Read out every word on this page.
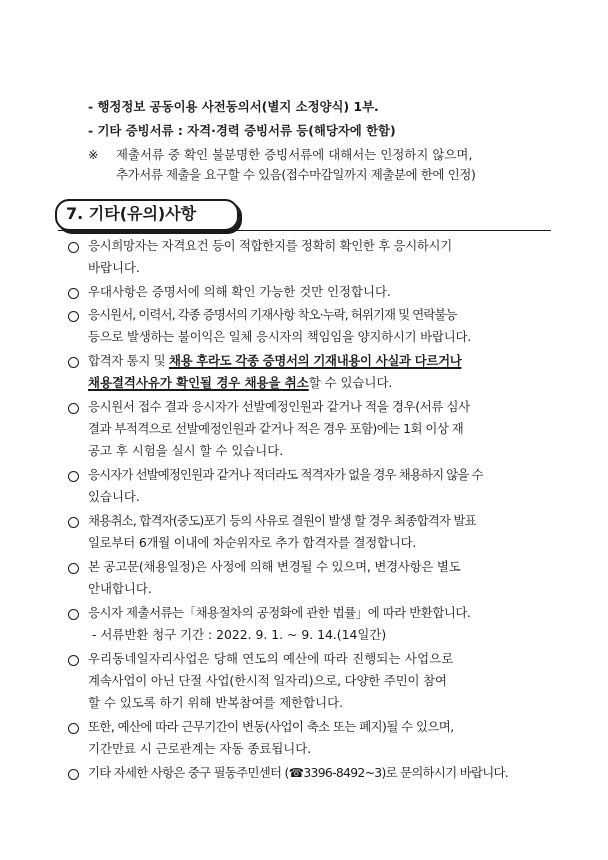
- 행정정보 공동이용 사전동의서(별지 소정양식) 1부.
- 기타 증빙서류 : 자격·경력 증빙서류 등(해당자에 한함)
※ 제출서류 중 확인 불분명한 증빙서류에 대해서는 인정하지 않으며,
추가서류 제출을 요구할 수 있음(접수마감일까지 제출분에 한에 인정)
7. 기타(유의)사항
응시희망자는 자격요건 등이 적합한지를 정확히 확인한 후 응시하시기
바랍니다.
우대사항은 증명서에 의해 확인 가능한 것만 인정합니다.
응시원서, 이력서, 각종 증명서의 기재사항 착오·누락, 허위기재 및 연락불능
등으로 발생하는 불이익은 일체 응시자의 책임임을 양지하시기 바랍니다.
합격자 통지 및 채용 후라도 각종 증명서의 기재내용이 사실과 다르거나
채용결격사유가 확인될 경우 채용을 취소할 수 있습니다.
응시원서 접수 결과 응시자가 선발예정인원과 같거나 적을 경우(서류 심사
결과 부적격으로 선발예정인원과 같거나 적은 경우 포함)에는 1회 이상 재
공고 후 시험을 실시 할 수 있습니다.
응시자가 선발예정인원과 같거나 적더라도 적격자가 없을 경우 채용하지 않을 수
있습니다.
채용취소, 합격자(중도)포기 등의 사유로 결원이 발생 할 경우 최종합격자 발표
일로부터 6개월 이내에 차순위자로 추가 합격자를 결정합니다.
본 공고문(채용일정)은 사정에 의해 변경될 수 있으며, 변경사항은 별도
안내합니다.
응시자 제출서류는「채용절차의 공정화에 관한 법률」에 따라 반환합니다.
- 서류반환 청구 기간 : 2022. 9. 1. ~ 9. 14.(14일간)
우리동네일자리사업은 당해 연도의 예산에 따라 진행되는 사업으로
계속사업이 아닌 단절 사업(한시적 일자리)으로, 다양한 주민이 참여
할 수 있도록 하기 위해 반복참여를 제한합니다.
또한, 예산에 따라 근무기간이 변동(사업이 축소 또는 폐지)될 수 있으며,
기간만료 시 근로관계는 자동 종료됩니다.
기타 자세한 사항은 중구 필동주민센터 (☎3396-8492~3)로 문의하시기 바랍니다.
